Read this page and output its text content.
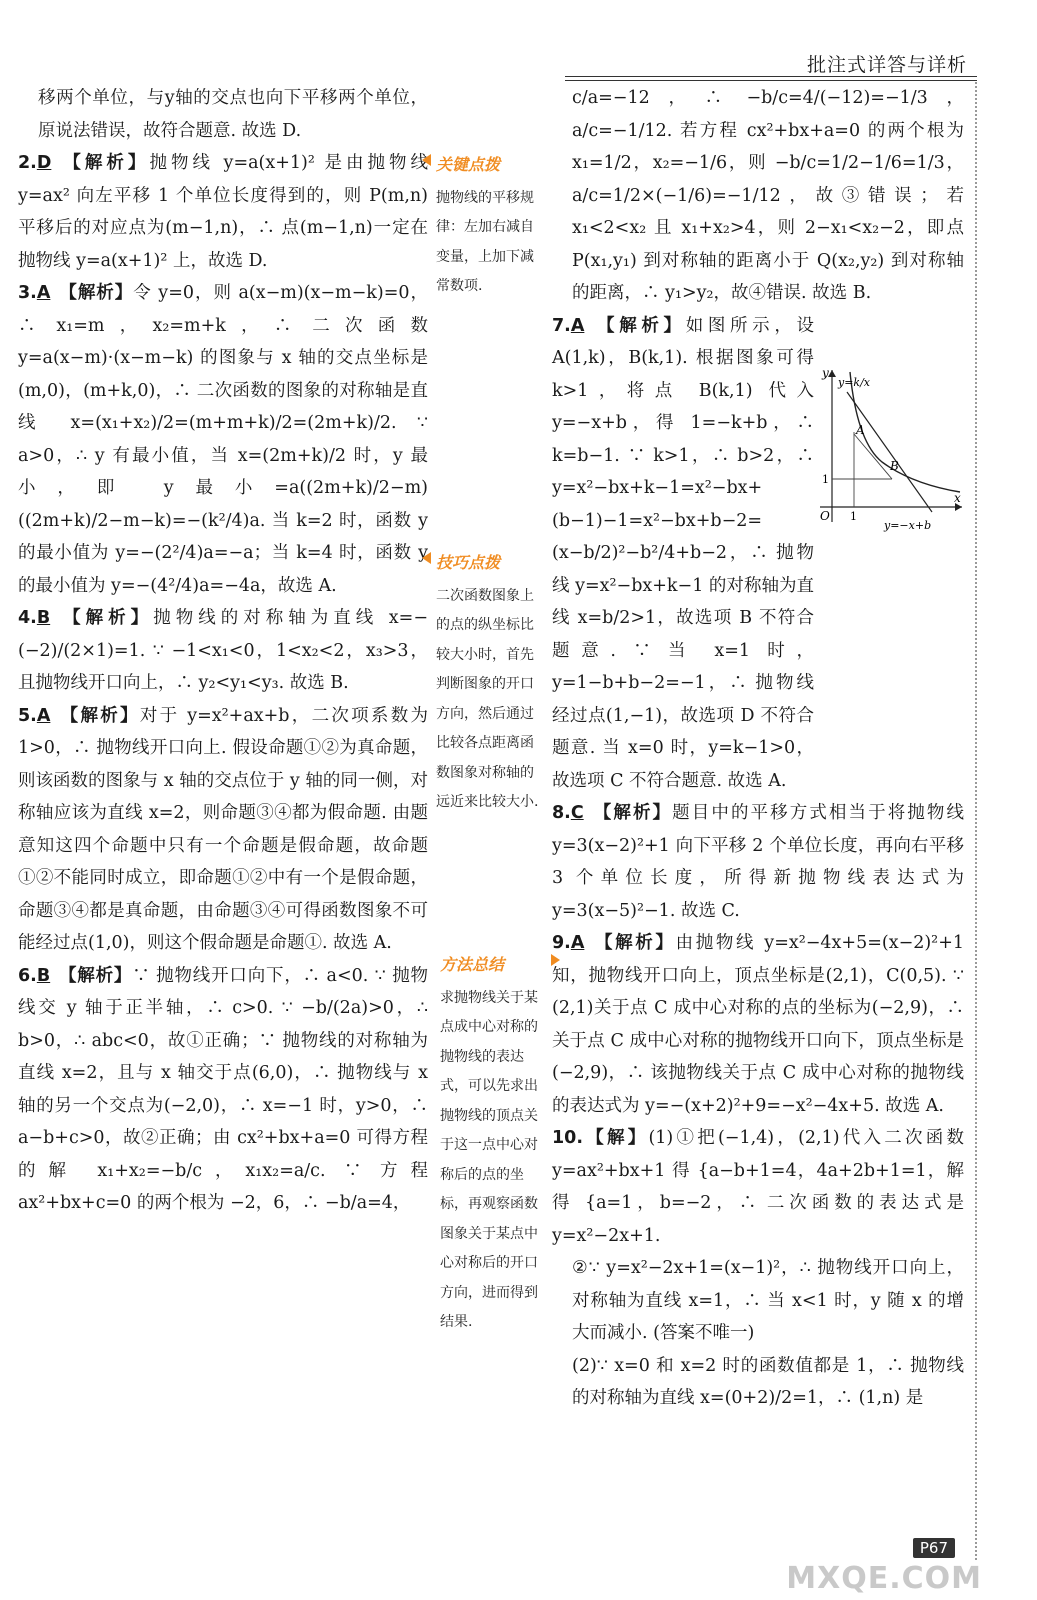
批注式详答与详析

移两个单位，与y轴的交点也向下平移两个单位，原说法错误，故符合题意. 故选 D.

2.D 【解析】抛物线 y=a(x+1)² 是由抛物线 y=ax² 向左平移 1 个单位长度得到的，则 P(m,n) 平移后的对应点为(m−1,n)，∴ 点(m−1,n)一定在抛物线 y=a(x+1)² 上，故选 D.

3.A 【解析】令 y=0，则 a(x−m)(x−m−k)=0，∴ x₁=m，x₂=m+k，∴ 二次函数 y=a(x−m)·(x−m−k) 的图象与 x 轴的交点坐标是(m,0)，(m+k,0)，∴ 二次函数的图象的对称轴是直线 x=(x₁+x₂)/2=(m+m+k)/2=(2m+k)/2. ∵ a>0，∴ y 有最小值，当 x=(2m+k)/2 时，y 最小，即 y最小=a((2m+k)/2−m)((2m+k)/2−m−k)=−(k²/4)a. 当 k=2 时，函数 y 的最小值为 y=−(2²/4)a=−a；当 k=4 时，函数 y 的最小值为 y=−(4²/4)a=−4a，故选 A.

4.B 【解析】抛物线的对称轴为直线 x=−(−2)/(2×1)=1. ∵ −1<x₁<0，1<x₂<2，x₃>3，且抛物线开口向上，∴ y₂<y₁<y₃. 故选 B.

5.A 【解析】对于 y=x²+ax+b，二次项系数为 1>0，∴ 抛物线开口向上. 假设命题①②为真命题，则该函数的图象与 x 轴的交点位于 y 轴的同一侧，对称轴应该为直线 x=2，则命题③④都为假命题. 由题意知这四个命题中只有一个命题是假命题，故命题①②不能同时成立，即命题①②中有一个是假命题，命题③④都是真命题，由命题③④可得函数图象不可能经过点(1,0)，则这个假命题是命题①. 故选 A.

6.B 【解析】∵ 抛物线开口向下，∴ a<0. ∵ 抛物线交 y 轴于正半轴，∴ c>0. ∵ −b/(2a)>0，∴ b>0，∴ abc<0，故①正确；∵ 抛物线的对称轴为直线 x=2，且与 x 轴交于点(6,0)，∴ 抛物线与 x 轴的另一个交点为(−2,0)，∴ x=−1 时，y>0，∴ a−b+c>0，故②正确；由 cx²+bx+a=0 可得方程的解 x₁+x₂=−b/c，x₁x₂=a/c. ∵ 方程 ax²+bx+c=0 的两个根为 −2，6，∴ −b/a=4，

关键点拨
抛物线的平移规律：左加右减自变量，上加下减常数项.
技巧点拨
二次函数图象上的点的纵坐标比较大小时，首先判断图象的开口方向，然后通过比较各点距离函数图象对称轴的远近来比较大小.
方法总结
求抛物线关于某点成中心对称的抛物线的表达式，可以先求出抛物线的顶点关于这一点中心对称后的点的坐标，再观察函数图象关于某点中心对称后的开口方向，进而得到结果.

c/a=−12，∴ −b/c=4/(−12)=−1/3，a/c=−1/12. 若方程 cx²+bx+a=0 的两个根为 x₁=1/2，x₂=−1/6，则 −b/c=1/2−1/6=1/3，a/c=1/2×(−1/6)=−1/12，故③错误；若 x₁<2<x₂ 且 x₁+x₂>4，则 2−x₁<x₂−2，即点 P(x₁,y₁) 到对称轴的距离小于 Q(x₂,y₂) 到对称轴的距离，∴ y₁>y₂，故④错误. 故选 B.

7.A 【解析】如图所示，设 A(1,k)，B(k,1). 根据图象可得 k>1，将点 B(k,1) 代入 y=−x+b，得 1=−k+b，∴ k=b−1. ∵ k>1，∴ b>2，∴ y=x²−bx+k−1=x²−bx+(b−1)−1=x²−bx+b−2=(x−b/2)²−b²/4+b−2，∴ 抛物线 y=x²−bx+k−1 的对称轴为直线 x=b/2>1，故选项 B 不符合题意. ∵ 当 x=1 时，y=1−b+b−2=−1，∴ 抛物线经过点(1,−1)，故选项 D 不符合题意. 当 x=0 时，y=k−1>0，故选项 C 不符合题意. 故选 A.

8.C 【解析】题目中的平移方式相当于将抛物线 y=3(x−2)²+1 向下平移 2 个单位长度，再向右平移 3 个单位长度，所得新抛物线表达式为 y=3(x−5)²−1. 故选 C.

9.A 【解析】由抛物线 y=x²−4x+5=(x−2)²+1 知，抛物线开口向上，顶点坐标是(2,1)，C(0,5). ∵ (2,1)关于点 C 成中心对称的点的坐标为(−2,9)，∴ 关于点 C 成中心对称的抛物线开口向下，顶点坐标是(−2,9)，∴ 该抛物线关于点 C 成中心对称的抛物线的表达式为 y=−(x+2)²+9=−x²−4x+5. 故选 A.

10.【解】(1)①把(−1,4)，(2,1)代入二次函数 y=ax²+bx+1 得 {a−b+1=4，4a+2b+1=1，解得 {a=1，b=−2，∴ 二次函数的表达式是 y=x²−2x+1.

②∵ y=x²−2x+1=(x−1)²，∴ 抛物线开口向上，对称轴为直线 x=1，∴ 当 x<1 时，y 随 x 的增大而减小. (答案不唯一)

(2)∵ x=0 和 x=2 时的函数值都是 1，∴ 抛物线的对称轴为直线 x=(0+2)/2=1，∴ (1,n) 是

y=k/x
A
B
y
x
O 1
1
y=−x+b
P67
MXQE.COM
